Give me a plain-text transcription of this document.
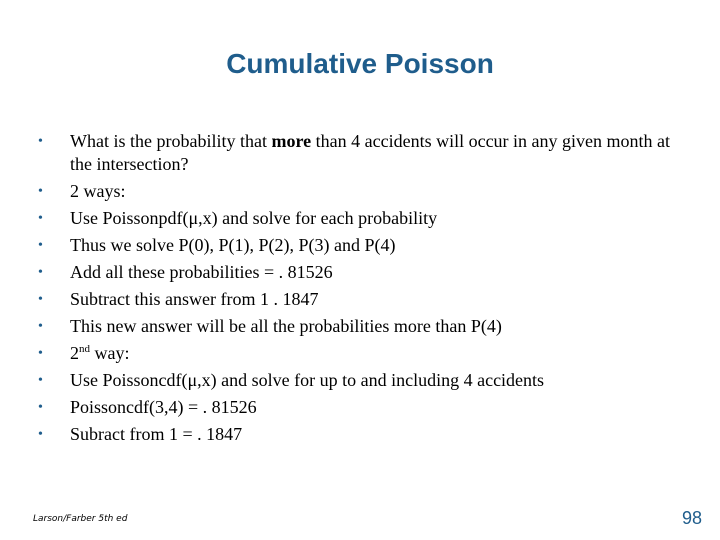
Cumulative Poisson
•	What is the probability that more than 4 accidents will occur in any given month at the intersection?
•	2 ways:
•	Use Poissonpdf(μ,x) and solve for each probability
•	Thus we solve P(0), P(1), P(2), P(3) and P(4)
•	Add all these probabilities = . 81526
•	Subtract this answer from 1 . 1847
•	This new answer will be all the probabilities more than P(4)
•	2nd way:
•	Use Poissoncdf(μ,x) and solve for up to and including 4 accidents
•	Poissoncdf(3,4) = . 81526
•	Subract from 1 = . 1847
Larson/Farber 5th ed	98
